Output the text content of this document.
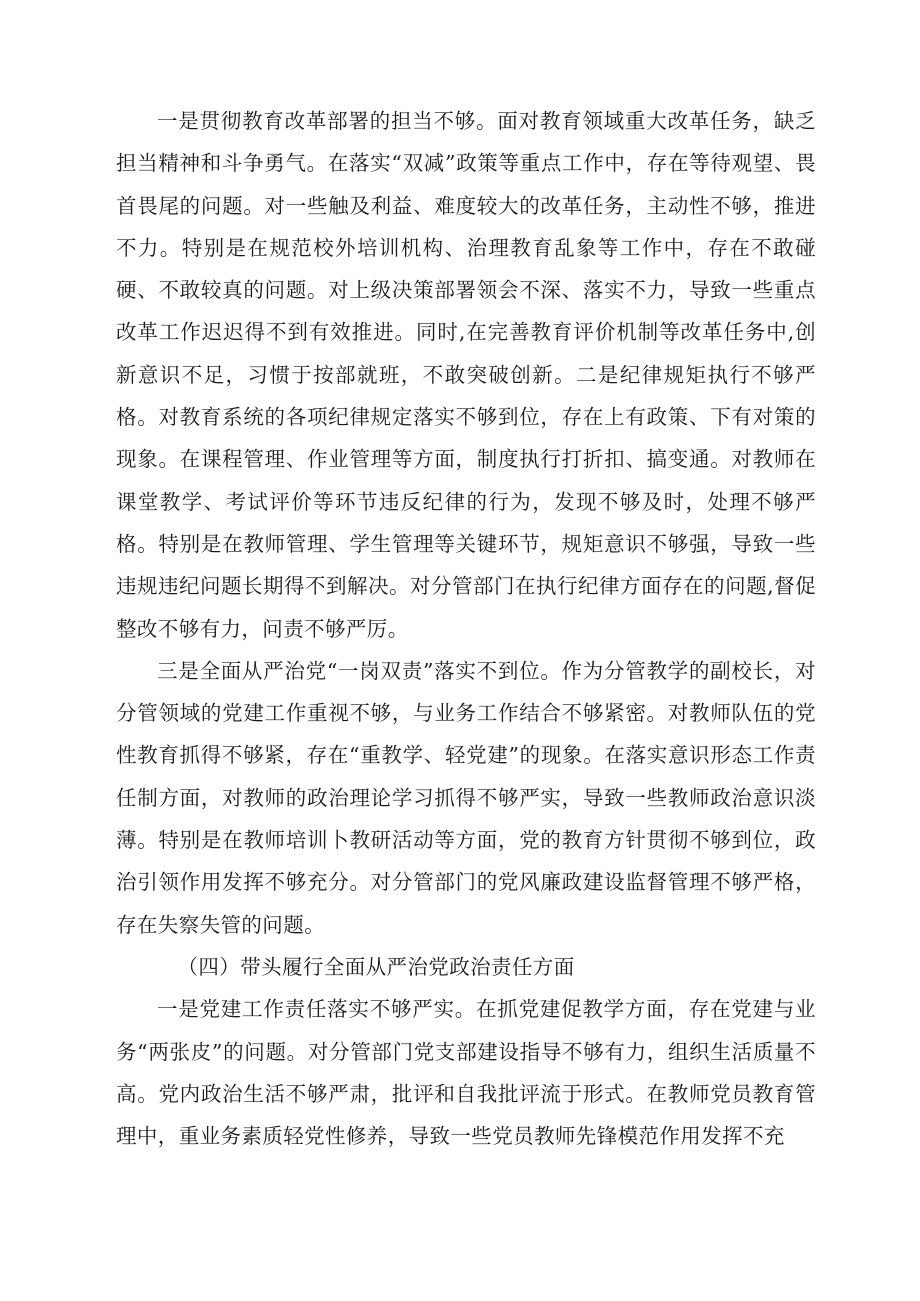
一是贯彻教育改革部署的担当不够。面对教育领域重大改革任务，缺乏担当精神和斗争勇气。在落实“双减”政策等重点工作中，存在等待观望、畏首畏尾的问题。对一些触及利益、难度较大的改革任务，主动性不够，推进不力。特别是在规范校外培训机构、治理教育乱象等工作中，存在不敢碰硬、不敢较真的问题。对上级决策部署领会不深、落实不力，导致一些重点改革工作迟迟得不到有效推进。同时,在完善教育评价机制等改革任务中,创新意识不足，习惯于按部就班，不敢突破创新。二是纪律规矩执行不够严格。对教育系统的各项纪律规定落实不够到位，存在上有政策、下有对策的现象。在课程管理、作业管理等方面，制度执行打折扣、搞变通。对教师在课堂教学、考试评价等环节违反纪律的行为，发现不够及时，处理不够严格。特别是在教师管理、学生管理等关键环节，规矩意识不够强，导致一些违规违纪问题长期得不到解决。对分管部门在执行纪律方面存在的问题,督促整改不够有力，问责不够严厉。

三是全面从严治党“一岗双责”落实不到位。作为分管教学的副校长，对分管领域的党建工作重视不够，与业务工作结合不够紧密。对教师队伍的党性教育抓得不够紧，存在“重教学、轻党建”的现象。在落实意识形态工作责任制方面，对教师的政治理论学习抓得不够严实，导致一些教师政治意识淡薄。特别是在教师培训卜教研活动等方面，党的教育方针贯彻不够到位，政治引领作用发挥不够充分。对分管部门的党风廉政建设监督管理不够严格，存在失察失管的问题。

（四）带头履行全面从严治党政治责任方面

一是党建工作责任落实不够严实。在抓党建促教学方面，存在党建与业务“两张皮”的问题。对分管部门党支部建设指导不够有力，组织生活质量不高。党内政治生活不够严肃，批评和自我批评流于形式。在教师党员教育管理中，重业务素质轻党性修养，导致一些党员教师先锋模范作用发挥不充
